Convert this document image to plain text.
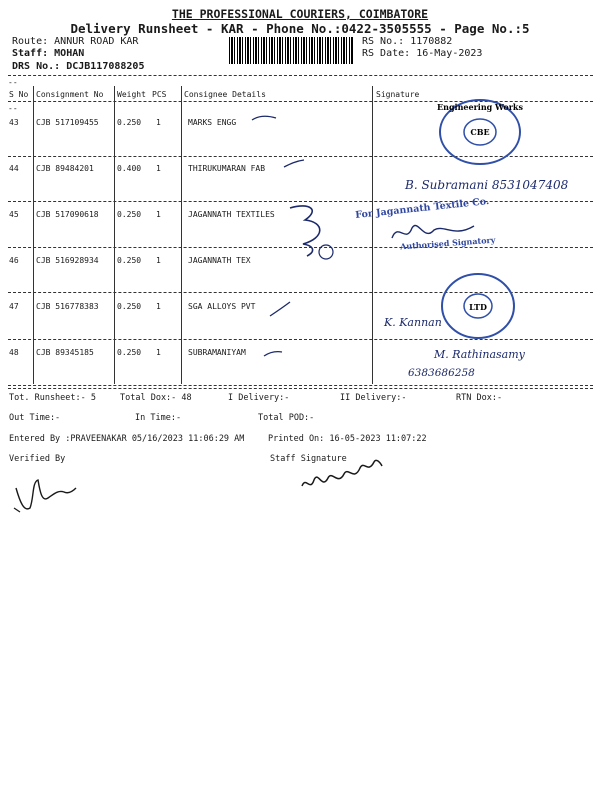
THE PROFESSIONAL COURIERS, COIMBATORE
Delivery Runsheet - KAR - Phone No.:0422-3505555 - Page No.:5
Route: ANNUR ROAD KAR
Staff: MOHAN
DRS No.: DCJB117088205
RS No.: 1170882
RS Date: 16-May-2023
--
S No Consignment No Weight PCS Consignee Details	Signature
--
43 CJB 517109455 0.250 1	MARKS ENGG
44 CJB 89484201	0.400 1	THIRUKUMARAN FAB
45 CJB 517090618 0.250 1	JAGANNATH TEXTILES
46 CJB 516928934 0.250 1	JAGANNATH TEX
47 CJB 516778383 0.250 1	SGA ALLOYS PVT
48 CJB 89345185	0.250 1	SUBRAMANIYAM
Engineering Works
CBE
B. Subramani 8531047408
For Jagannath Textile Co.
Authorised Signatory
LTD
K. Kannan
M. Rathinasamy
6383686258
Tot. Runsheet:- 5	Total Dox:- 48	I Delivery:-	II Delivery:-	RTN Dox:-
Out Time:-	In Time:-	Total POD:-
Entered By :PRAVEENAKAR 05/16/2023 11:06:29 AM	Printed On: 16-05-2023 11:07:22
Verified By	Staff Signature
